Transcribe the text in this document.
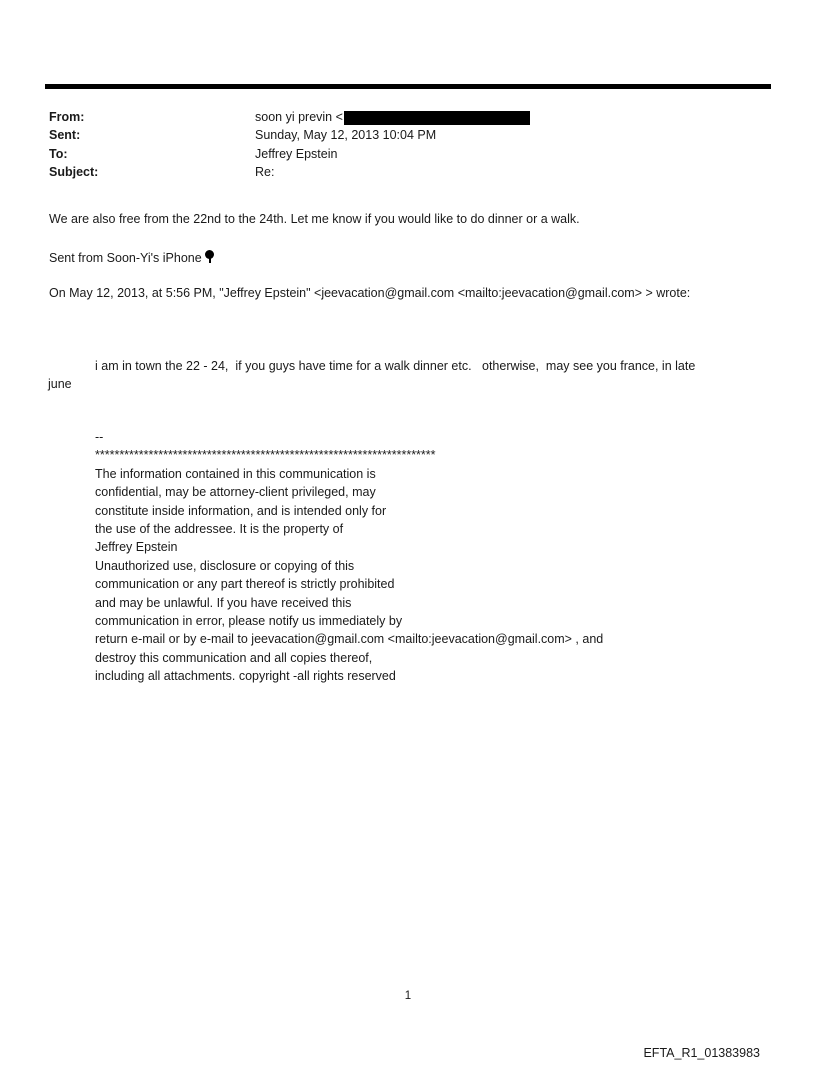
From:	soon yi previn <
Sent:	Sunday, May 12, 2013 10:04 PM
To:	Jeffrey Epstein
Subject:	Re:
We are also free from the 22nd to the 24th. Let me know if you would like to do dinner or a walk.
Sent from Soon-Yi's iPhone
On May 12, 2013, at 5:56 PM, "Jeffrey Epstein" <jeevacation@gmail.com <mailto:jeevacation@gmail.com> > wrote:
i am in town the 22 - 24,  if you guys have time for a walk dinner etc.   otherwise,  may see you france, in late
june
--
**********************************************************************
The information contained in this communication is
confidential, may be attorney-client privileged, may
constitute inside information, and is intended only for
the use of the addressee. It is the property of
Jeffrey Epstein
Unauthorized use, disclosure or copying of this
communication or any part thereof is strictly prohibited
and may be unlawful. If you have received this
communication in error, please notify us immediately by
return e-mail or by e-mail to jeevacation@gmail.com <mailto:jeevacation@gmail.com> , and
destroy this communication and all copies thereof,
including all attachments. copyright -all rights reserved
1
EFTA_R1_01383983
